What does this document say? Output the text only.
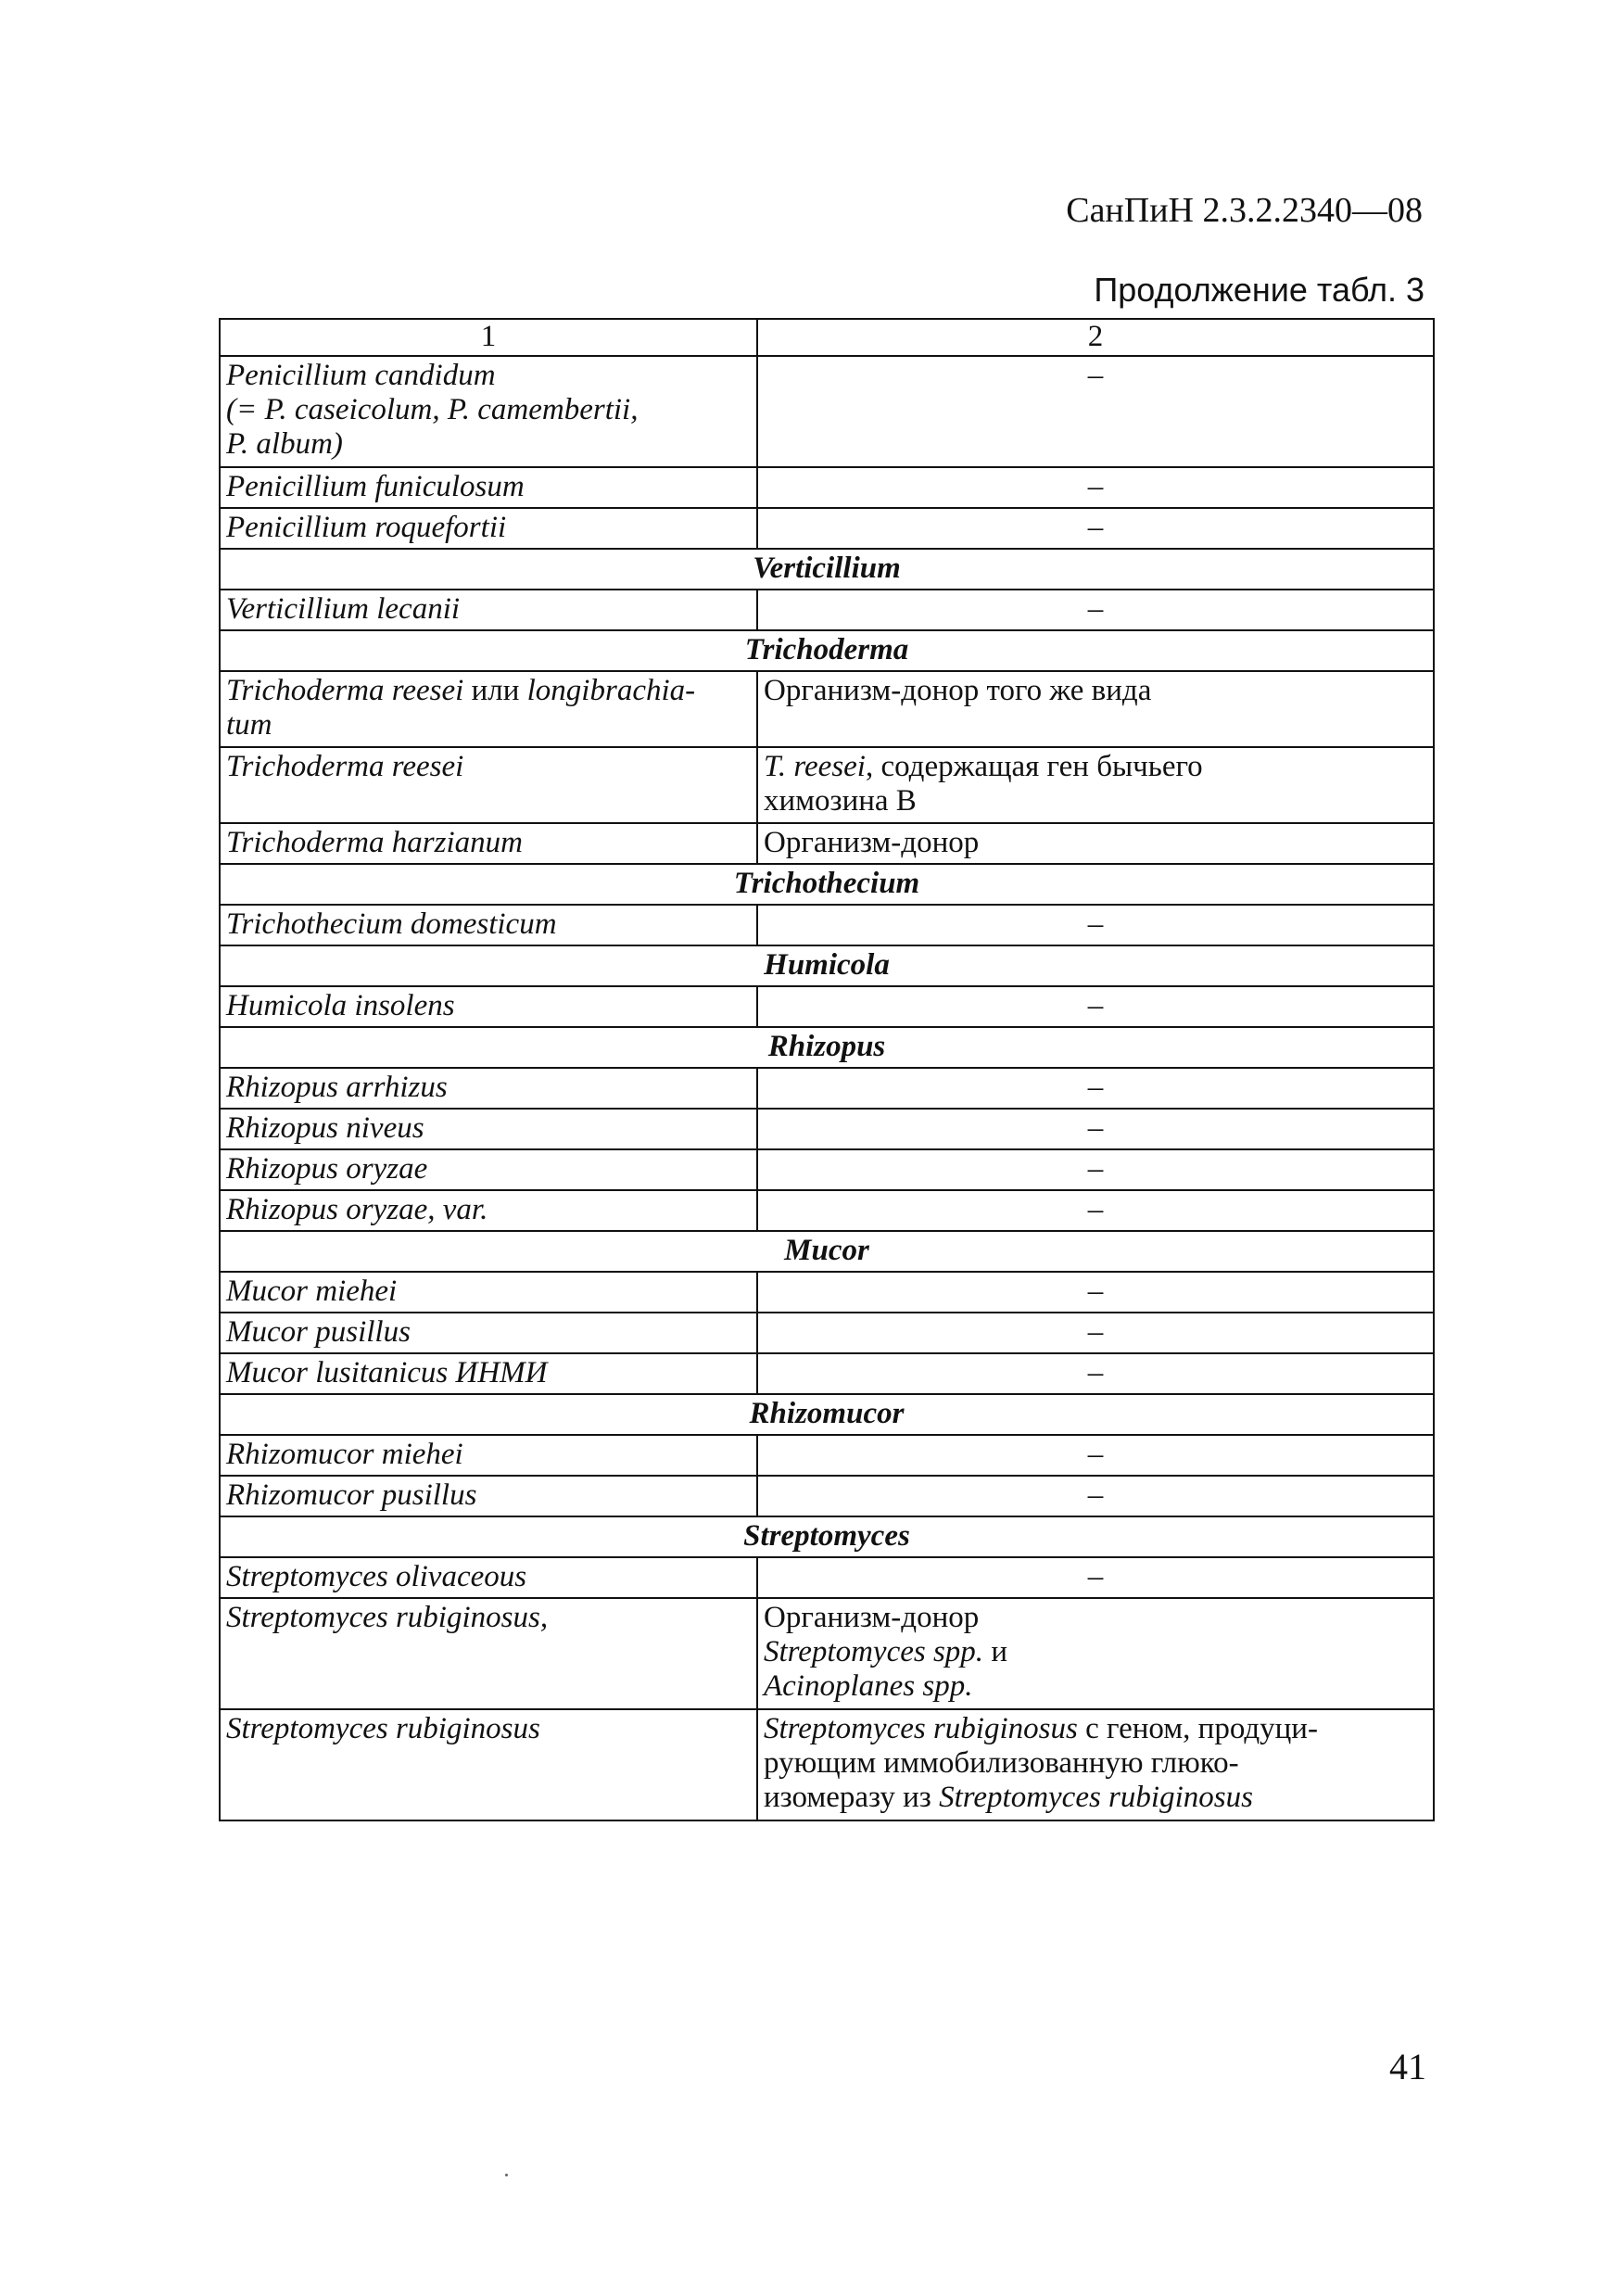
СанПиН 2.3.2.2340—08
Продолжение табл. 3
1	2
Penicillium candidum
(= P. caseicolum, P. camembertii,
P. album)	–
Penicillium funiculosum	–
Penicillium roquefortii	–
Verticillium	
Verticillium lecanii	–
Trichoderma	
Trichoderma reesei или longibrachia-
tum	Организм-донор того же вида
Trichoderma reesei	T. reesei, содержащая ген бычьего
химозина В
Trichoderma harzianum	Организм-донор
Trichothecium	
Trichothecium domesticum	–
Humicola	
Humicola insolens	–
Rhizopus	
Rhizopus arrhizus	–
Rhizopus niveus	–
Rhizopus oryzae	–
Rhizopus oryzae, var.	–
Mucor	
Mucor miehei	–
Mucor pusillus	–
Mucor lusitanicus ИНМИ	–
Rhizomucor	
Rhizomucor miehei	–
Rhizomucor pusillus	–
Streptomyces	
Streptomyces olivaceous	–
Streptomyces rubiginosus,	Организм-донор
Streptomyces spp. и
Acinoplanes spp.
Streptomyces rubiginosus	Streptomyces rubiginosus с геном, продуци-
рующим иммобилизованную глюко-
изомеразу из Streptomyces rubiginosus
41
